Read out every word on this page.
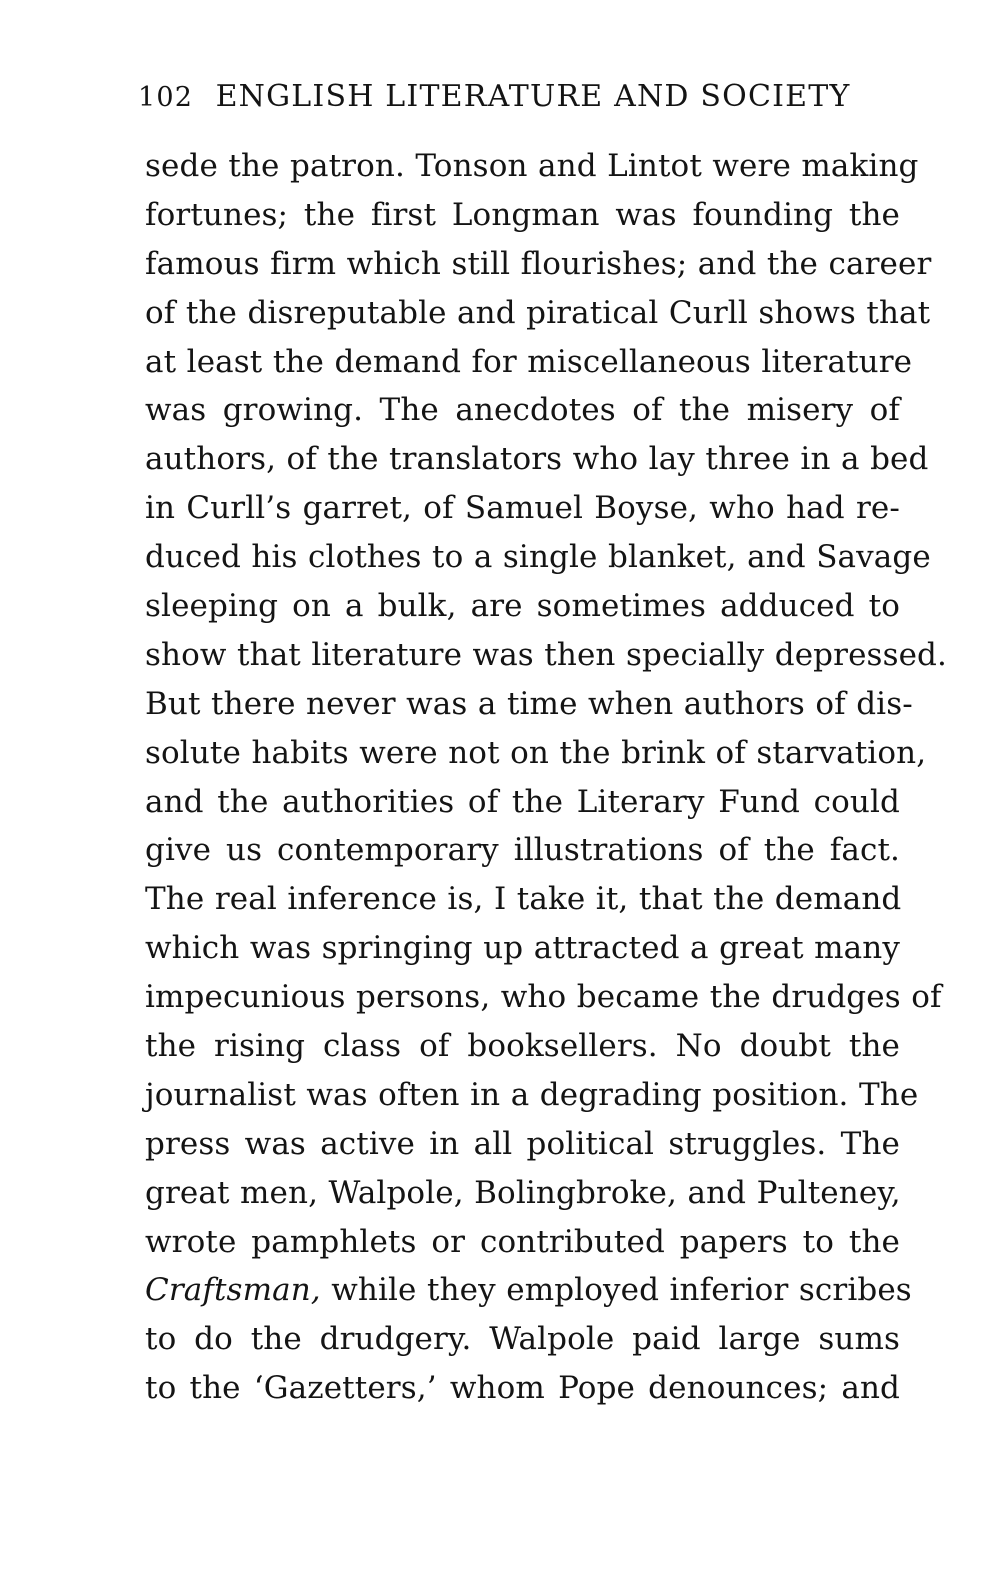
102 ENGLISH LITERATURE AND SOCIETY
sede the patron. Tonson and Lintot were making
fortunes; the first Longman was founding the
famous firm which still flourishes; and the career
of the disreputable and piratical Curll shows that
at least the demand for miscellaneous literature
was growing. The anecdotes of the misery of
authors, of the translators who lay three in a bed
in Curll’s garret, of Samuel Boyse, who had re-
duced his clothes to a single blanket, and Savage
sleeping on a bulk, are sometimes adduced to
show that literature was then specially depressed.
But there never was a time when authors of dis-
solute habits were not on the brink of starvation,
and the authorities of the Literary Fund could
give us contemporary illustrations of the fact.
The real inference is, I take it, that the demand
which was springing up attracted a great many
impecunious persons, who became the drudges of
the rising class of booksellers. No doubt the
journalist was often in a degrading position. The
press was active in all political struggles. The
great men, Walpole, Bolingbroke, and Pulteney,
wrote pamphlets or contributed papers to the
Craftsman, while they employed inferior scribes
to do the drudgery. Walpole paid large sums
to the ‘Gazetters,’ whom Pope denounces; and
